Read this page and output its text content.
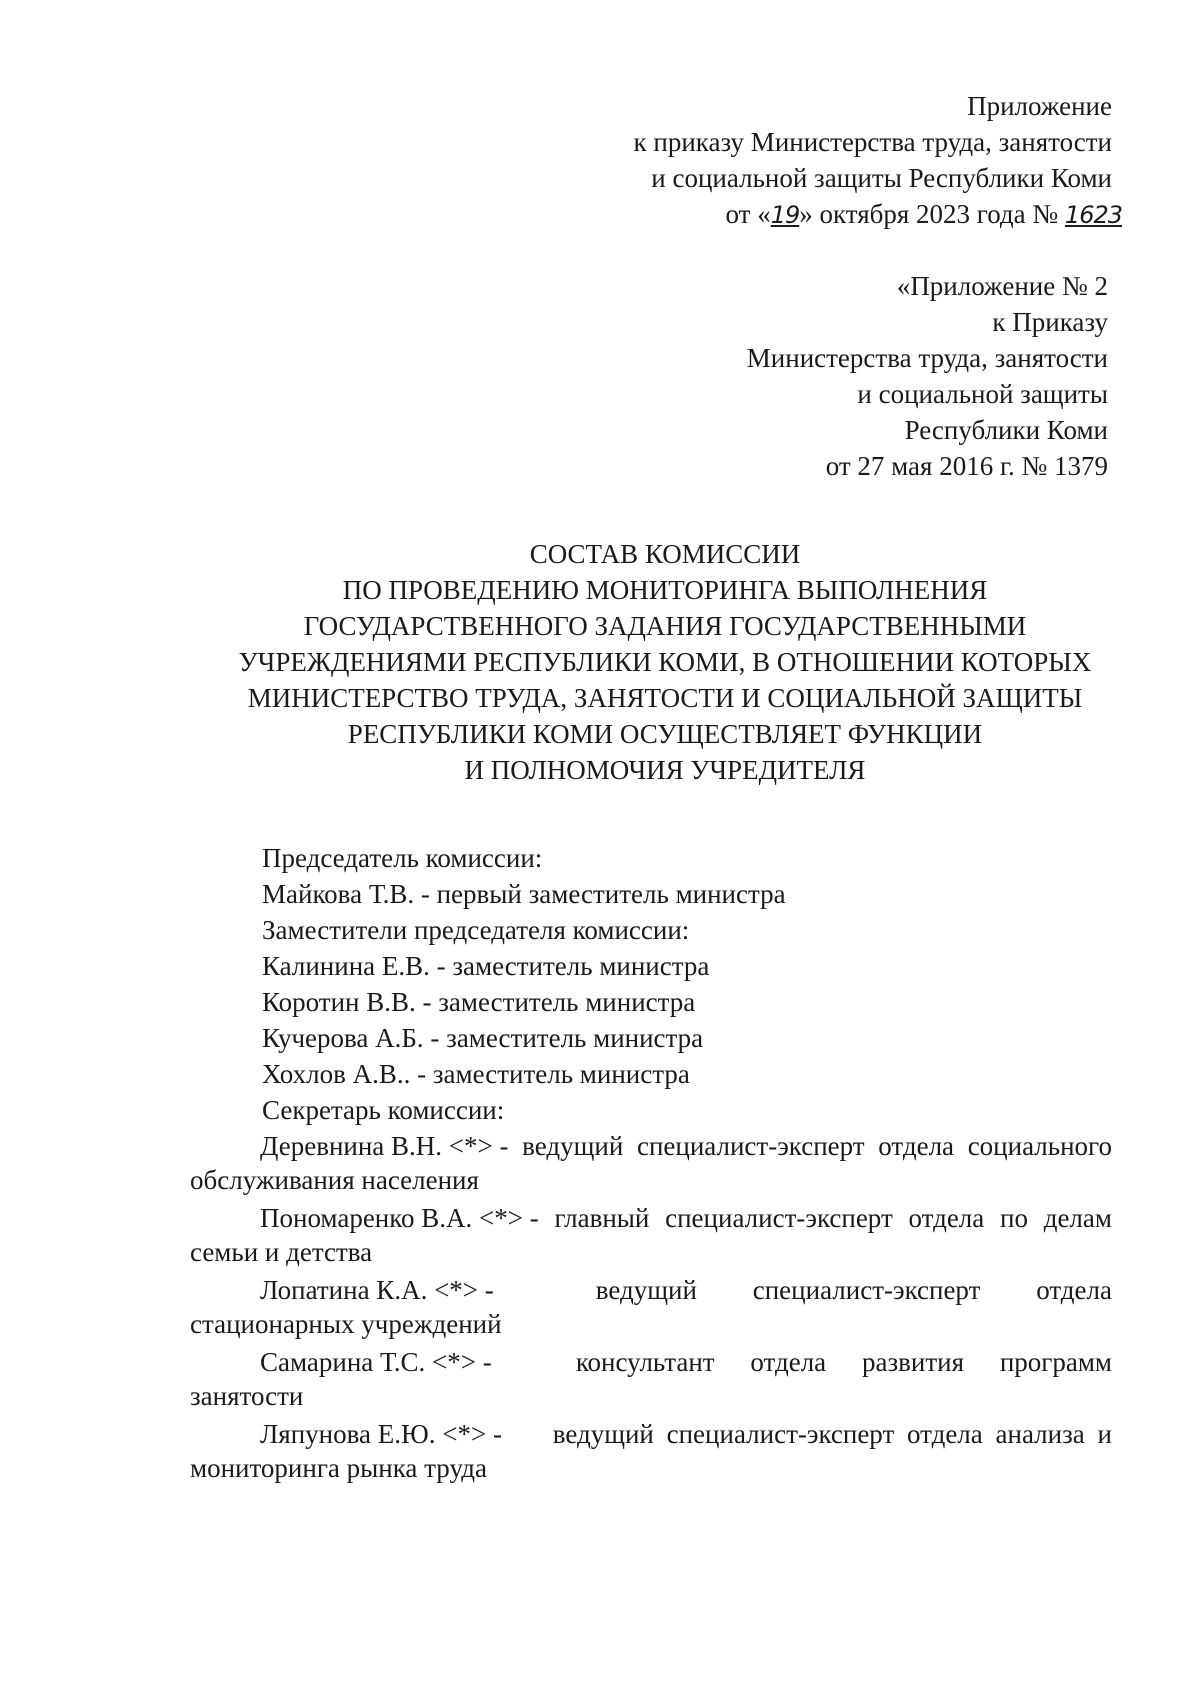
Приложение
к приказу Министерства труда, занятости
и социальной защиты Республики Коми
от «19» октября 2023 года № 1623
«Приложение № 2
к Приказу
Министерства труда, занятости
и социальной защиты
Республики Коми
от 27 мая 2016 г. № 1379
СОСТАВ КОМИССИИ
ПО ПРОВЕДЕНИЮ МОНИТОРИНГА ВЫПОЛНЕНИЯ
ГОСУДАРСТВЕННОГО ЗАДАНИЯ ГОСУДАРСТВЕННЫМИ
УЧРЕЖДЕНИЯМИ РЕСПУБЛИКИ КОМИ, В ОТНОШЕНИИ КОТОРЫХ
МИНИСТЕРСТВО ТРУДА, ЗАНЯТОСТИ И СОЦИАЛЬНОЙ ЗАЩИТЫ
РЕСПУБЛИКИ КОМИ ОСУЩЕСТВЛЯЕТ ФУНКЦИИ
И ПОЛНОМОЧИЯ УЧРЕДИТЕЛЯ
Председатель комиссии:
Майкова Т.В. - первый заместитель министра
Заместители председателя комиссии:
Калинина Е.В. - заместитель министра
Коротин В.В. - заместитель министра
Кучерова А.Б. - заместитель министра
Хохлов А.В.. - заместитель министра
Секретарь комиссии:
Деревнина В.Н. <*> - ведущий специалист-эксперт отдела социального
обслуживания населения
Пономаренко В.А. <*> - главный специалист-эксперт отдела по делам
семьи и детства
Лопатина К.А. <*> -	ведущий специалист-эксперт отдела
стационарных учреждений
Самарина Т.С. <*> -	консультант отдела развития программ
занятости
Ляпунова Е.Ю. <*> -	ведущий специалист-эксперт отдела анализа и
мониторинга рынка труда
